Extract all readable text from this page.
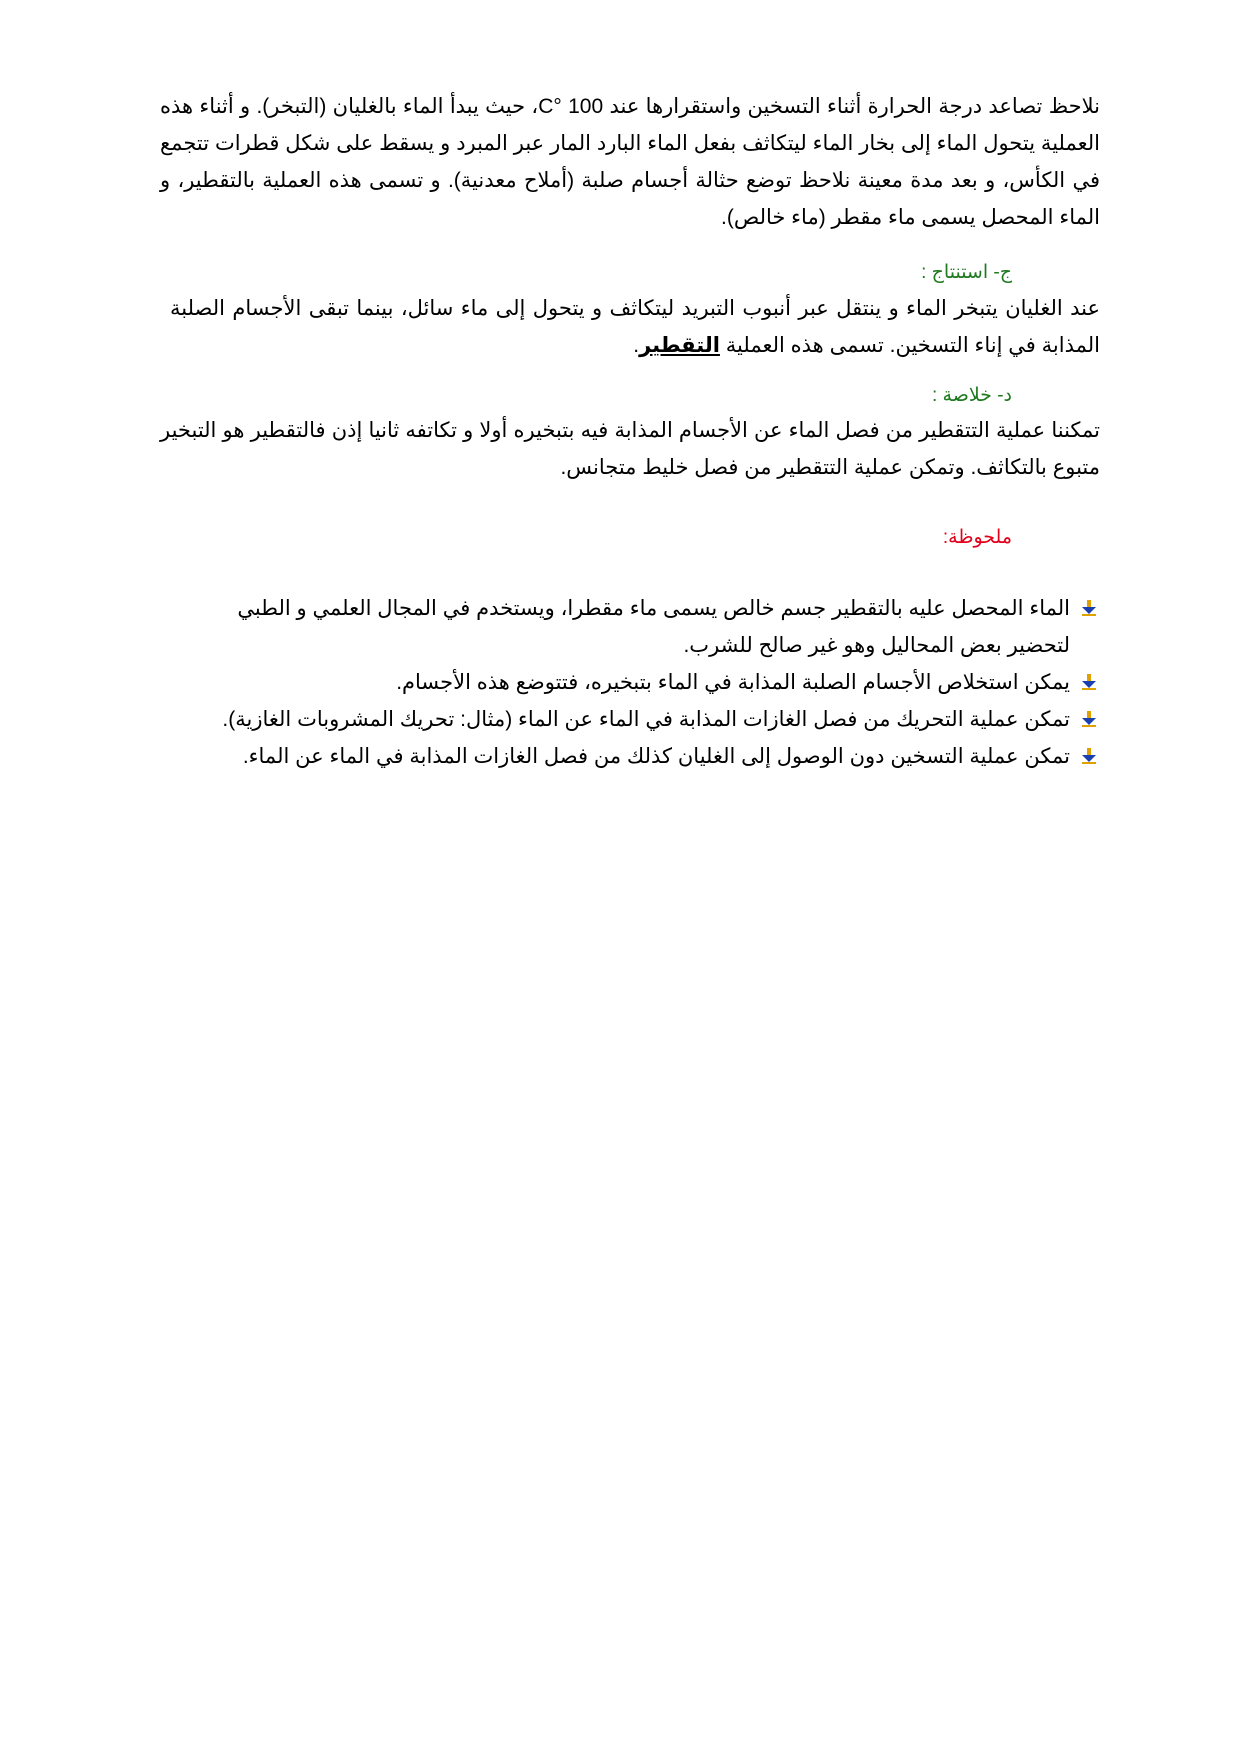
نلاحظ تصاعد درجة الحرارة أثناء التسخين واستقرارها عند 100 °C، حيث يبدأ الماء بالغليان (التبخر). و أثناء هذه العملية يتحول الماء إلى بخار الماء ليتكاثف بفعل الماء البارد المار عبر المبرد و يسقط على شكل قطرات تتجمع في الكأس، و بعد مدة معينة نلاحظ توضع حثالة أجسام صلبة (أملاح معدنية). و تسمى هذه العملية بالتقطير، و الماء المحصل يسمى ماء مقطر (ماء خالص).

ج- استنتاج :

عند الغليان يتبخر الماء و ينتقل عبر أنبوب التبريد ليتكاثف و يتحول إلى ماء سائل، بينما تبقى الأجسام الصلبة المذابة في إناء التسخين. تسمى هذه العملية التقطير.

د- خلاصة :

تمكننا عملية التتقطير من فصل الماء عن الأجسام المذابة فيه بتبخيره أولا و تكاتفه ثانيا إذن فالتقطير هو التبخير متبوع بالتكاثف. وتمكن عملية التتقطير من فصل خليط متجانس.

ملحوظة:
الماء المحصل عليه بالتقطير جسم خالص يسمى ماء مقطرا، ويستخدم في المجال العلمي و الطبي لتحضير بعض المحاليل وهو غير صالح للشرب.
يمكن استخلاص الأجسام الصلبة المذابة في الماء بتبخيره، فتتوضع هذه الأجسام.
تمكن عملية التحريك من فصل الغازات المذابة في الماء عن الماء (مثال: تحريك المشروبات الغازية).
تمكن عملية التسخين دون الوصول إلى الغليان كذلك من فصل الغازات المذابة في الماء عن الماء.
